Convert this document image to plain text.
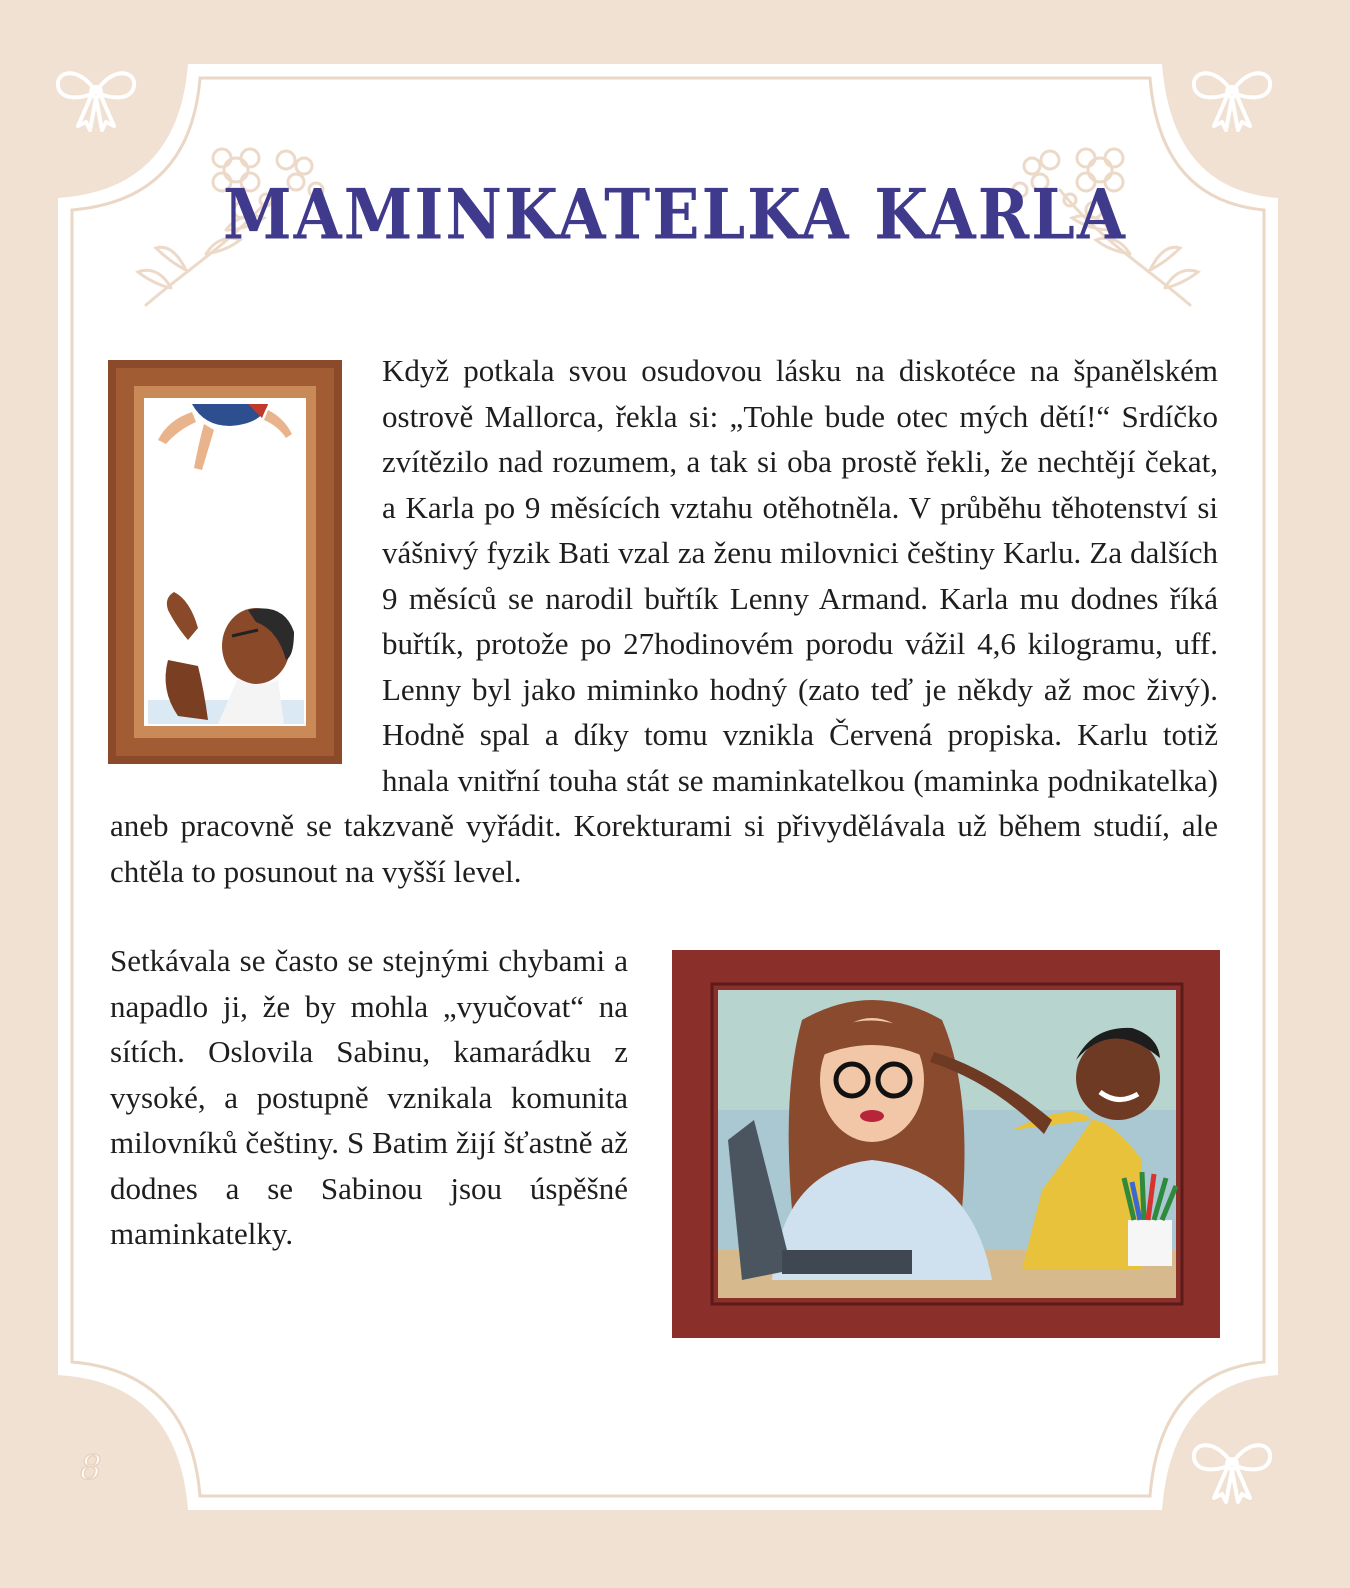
MAMINKATELKA KARLA

Když potkala svou osudovou lásku na diskotéce na španělském ostrově Mallorca, řekla si: „Tohle bude otec mých dětí!“ Srdíčko zvítězilo nad rozumem, a tak si oba prostě řekli, že nechtějí čekat, a Karla po 9 měsících vztahu otěhotněla. V průběhu těhotenství si vášnivý fyzik Bati vzal za ženu milovnici češtiny Karlu. Za dalších 9 měsíců se narodil buřtík Lenny Armand. Karla mu dodnes říká buřtík, protože po 27hodinovém porodu vážil 4,6 kilogramu, uff. Lenny byl jako miminko hodný (zato teď je někdy až moc živý). Hodně spal a díky tomu vznikla Červená propiska. Karlu totiž hnala vnitřní touha stát se maminkatelkou (maminka podnikatelka) aneb pracovně se takzvaně vyřádit. Korekturami si přivydělávala už během studií, ale chtěla to posunout na vyšší level.

Setkávala se často se stejnými chybami a napadlo ji, že by mohla „vyučovat“ na sítích. Oslovila Sabinu, kamarádku z vysoké, a postupně vznikala komunita milovníků češtiny. S Batim žijí šťastně až dodnes a se Sabinou jsou úspěšné maminkatelky.

8
